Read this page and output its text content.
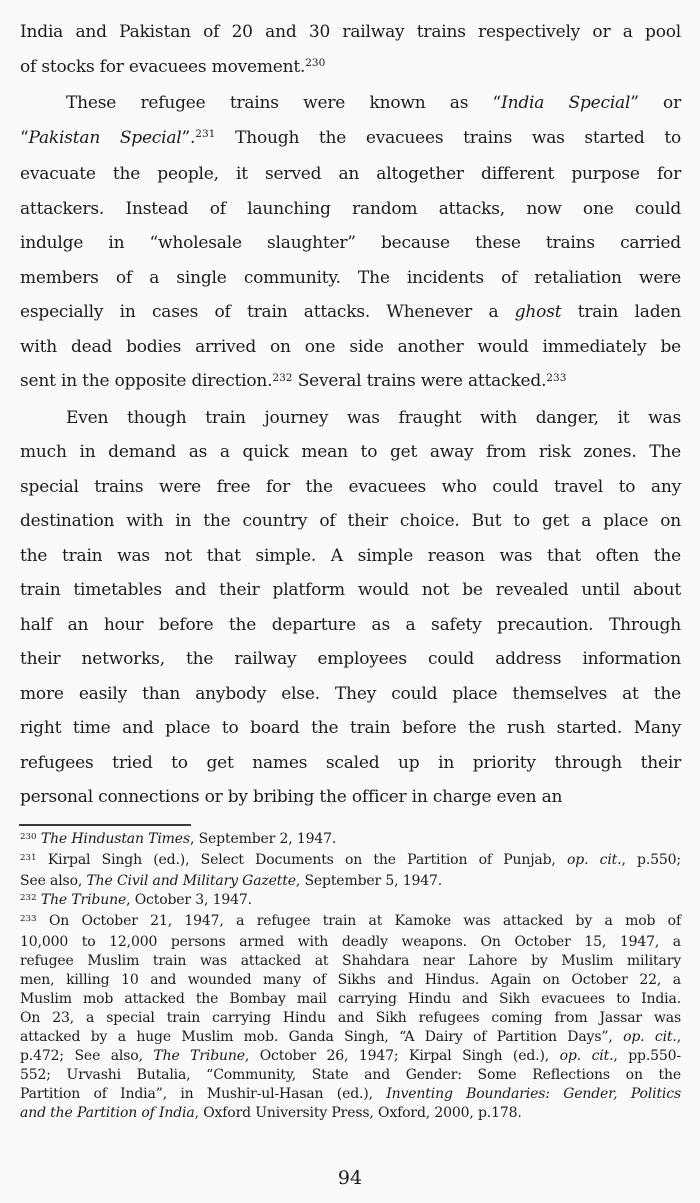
India and Pakistan of 20 and 30 railway trains respectively or a pool
of stocks for evacuees movement.$^{230}$
These refugee trains were known as “India Special” or
“Pakistan Special”.$^{231}$ Though the evacuees trains was started to
evacuate the people, it served an altogether different purpose for
attackers. Instead of launching random attacks, now one could
indulge in “wholesale slaughter” because these trains carried
members of a single community. The incidents of retaliation were
especially in cases of train attacks. Whenever a ghost train laden
with dead bodies arrived on one side another would immediately be
sent in the opposite direction.$^{232}$ Several trains were attacked.$^{233}$
Even though train journey was fraught with danger, it was
much in demand as a quick mean to get away from risk zones. The
special trains were free for the evacuees who could travel to any
destination with in the country of their choice. But to get a place on
the train was not that simple. A simple reason was that often the
train timetables and their platform would not be revealed until about
half an hour before the departure as a safety precaution. Through
their networks, the railway employees could address information
more easily than anybody else. They could place themselves at the
right time and place to board the train before the rush started. Many
refugees tried to get names scaled up in priority through their
personal connections or by bribing the officer in charge even an
$^{230}$ The Hindustan Times, September 2, 1947.
$^{231}$ Kirpal Singh (ed.), Select Documents on the Partition of Punjab, op. cit., p.550;
See also, The Civil and Military Gazette, September 5, 1947.
$^{232}$ The Tribune, October 3, 1947.
$^{233}$ On October 21, 1947, a refugee train at Kamoke was attacked by a mob of
10,000 to 12,000 persons armed with deadly weapons. On October 15, 1947, a
refugee Muslim train was attacked at Shahdara near Lahore by Muslim military
men, killing 10 and wounded many of Sikhs and Hindus. Again on October 22, a
Muslim mob attacked the Bombay mail carrying Hindu and Sikh evacuees to India.
On 23, a special train carrying Hindu and Sikh refugees coming from Jassar was
attacked by a huge Muslim mob. Ganda Singh, “A Dairy of Partition Days”, op. cit.,
p.472; See also, The Tribune, October 26, 1947; Kirpal Singh (ed.), op. cit., pp.550-
552; Urvashi Butalia, “Community, State and Gender: Some Reflections on the
Partition of India”, in Mushir-ul-Hasan (ed.), Inventing Boundaries: Gender, Politics
and the Partition of India, Oxford University Press, Oxford, 2000, p.178.
94
